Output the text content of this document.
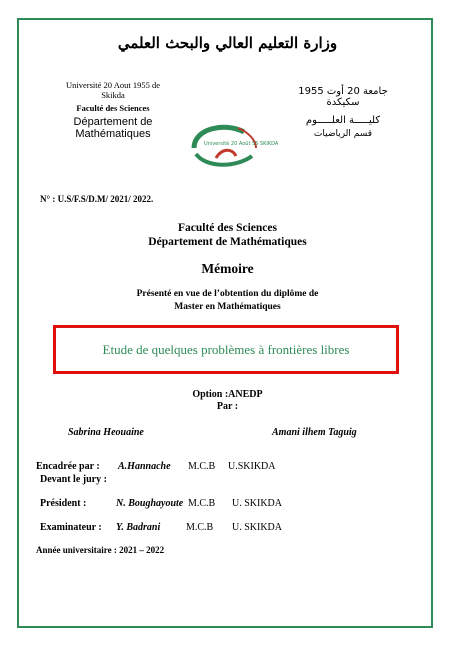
وزارة التعليم العالي والبحث العلمي
Université 20 Aout 1955 de Skikda
Faculté des Sciences
Département de Mathématiques
جامعة 20 أوت 1955 سكيكدة
كليـــــة العلـــــوم
قسم الرياضيات
Université 20 Août 55 SKIKDA
N° : U.S/F.S/D.M/ 2021/ 2022.
Faculté des Sciences
Département de Mathématiques
Mémoire
Présenté en vue de l’obtention du diplôme de
Master en Mathématiques
Etude de quelques problèmes à frontières libres
Option :ANEDP
Par :
Sabrina Heouaine	Amani ilhem Taguig
Encadrée par : A.Hannache M.C.B U.SKIKDA
Devant le jury :
Président :	N. Boughayoute M.C.B U. SKIKDA
Examinateur : Y. Badrani	M.C.B U. SKIKDA
Année universitaire : 2021 – 2022
